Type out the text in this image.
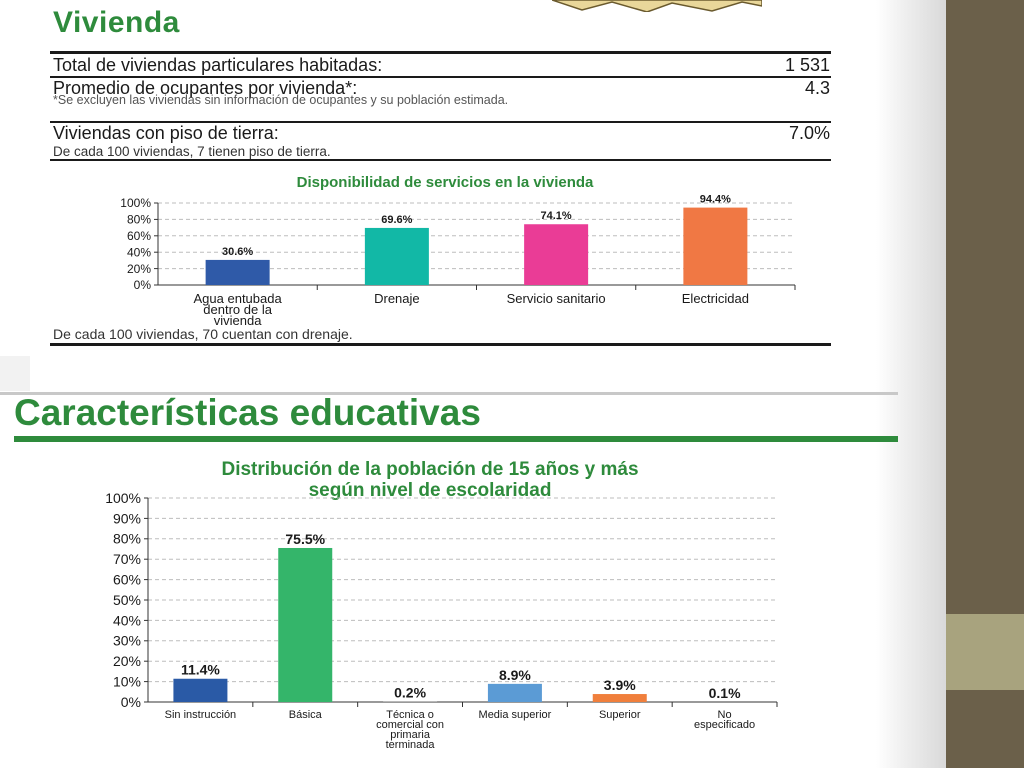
Vivienda
Total de viviendas particulares habitadas:	1 531
Promedio de ocupantes por vivienda*:	4.3
*Se excluyen las viviendas sin información de ocupantes y su población estimada.
Viviendas con piso de tierra:	7.0%
De cada 100 viviendas, 7 tienen piso de tierra.
Disponibilidad de servicios en la vivienda
0%
20%
40%
60%
80%
100%
30.6%
Agua entubada
dentro de la
vivienda
69.6%
Drenaje
74.1%
Servicio sanitario
94.4%
Electricidad
De cada 100 viviendas, 70 cuentan con drenaje.
Características educativas
Distribución de la población de 15 años y más
según nivel de escolaridad
0%
10%
20%
30%
40%
50%
60%
70%
80%
90%
100%
11.4%
Sin instrucción
75.5%
Básica
0.2%
Técnica o
comercial con
primaria
terminada
8.9%
Media superior
3.9%
Superior
0.1%
No
especificado
